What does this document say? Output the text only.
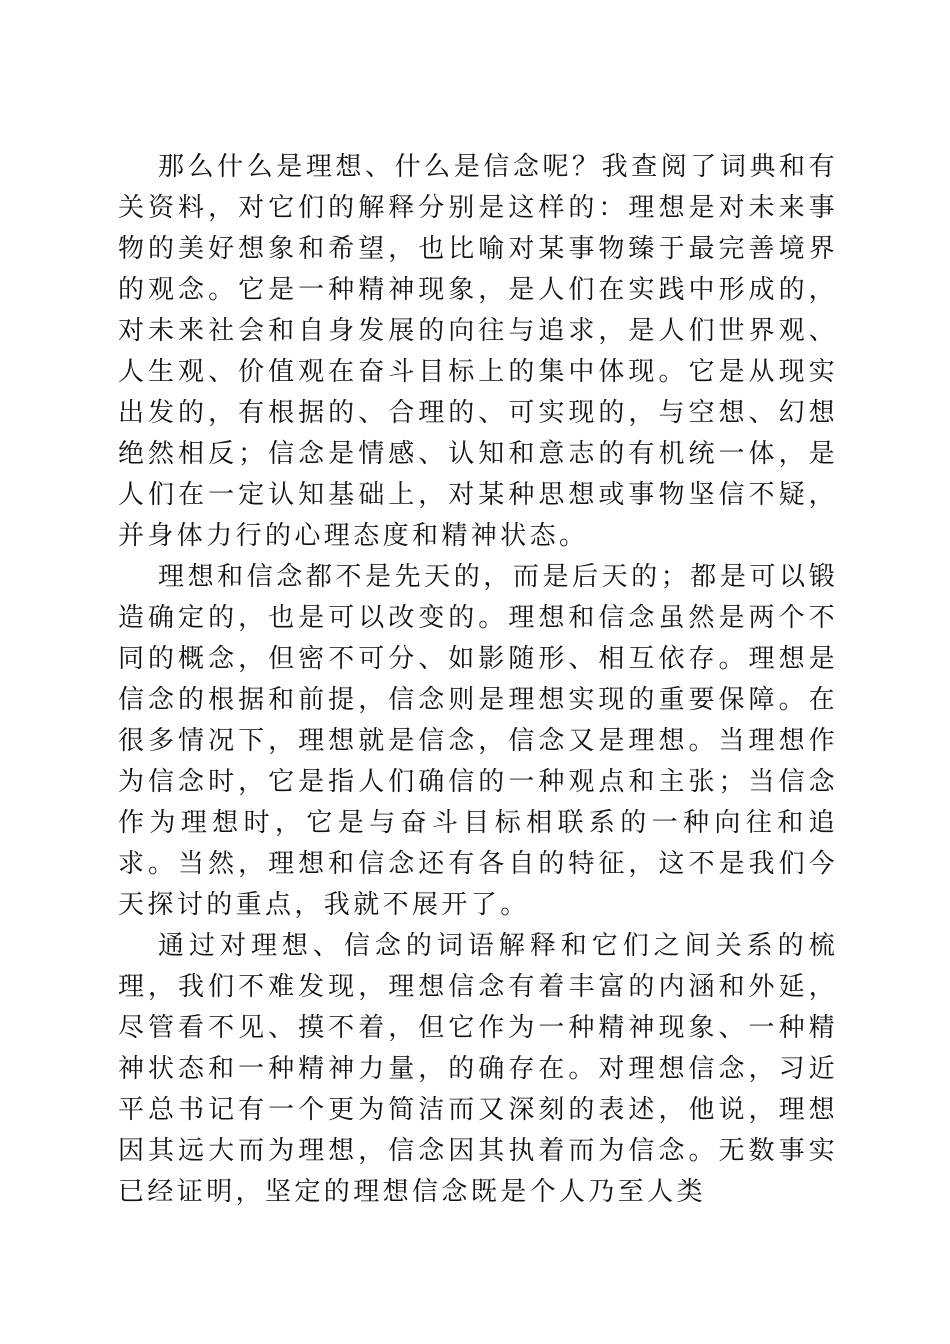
那么什么是理想、什么是信念呢？我查阅了词典和有关资料，对它们的解释分别是这样的：理想是对未来事物的美好想象和希望，也比喻对某事物臻于最完善境界的观念。它是一种精神现象，是人们在实践中形成的，对未来社会和自身发展的向往与追求，是人们世界观、人生观、价值观在奋斗目标上的集中体现。它是从现实出发的，有根据的、合理的、可实现的，与空想、幻想绝然相反；信念是情感、认知和意志的有机统一体，是人们在一定认知基础上，对某种思想或事物坚信不疑，并身体力行的心理态度和精神状态。

理想和信念都不是先天的，而是后天的；都是可以锻造确定的，也是可以改变的。理想和信念虽然是两个不同的概念，但密不可分、如影随形、相互依存。理想是信念的根据和前提，信念则是理想实现的重要保障。在很多情况下，理想就是信念，信念又是理想。当理想作为信念时，它是指人们确信的一种观点和主张；当信念作为理想时，它是与奋斗目标相联系的一种向往和追求。当然，理想和信念还有各自的特征，这不是我们今天探讨的重点，我就不展开了。

通过对理想、信念的词语解释和它们之间关系的梳理，我们不难发现，理想信念有着丰富的内涵和外延，尽管看不见、摸不着，但它作为一种精神现象、一种精神状态和一种精神力量，的确存在。对理想信念，习近平总书记有一个更为简洁而又深刻的表述，他说，理想因其远大而为理想，信念因其执着而为信念。无数事实已经证明，坚定的理想信念既是个人乃至人类
